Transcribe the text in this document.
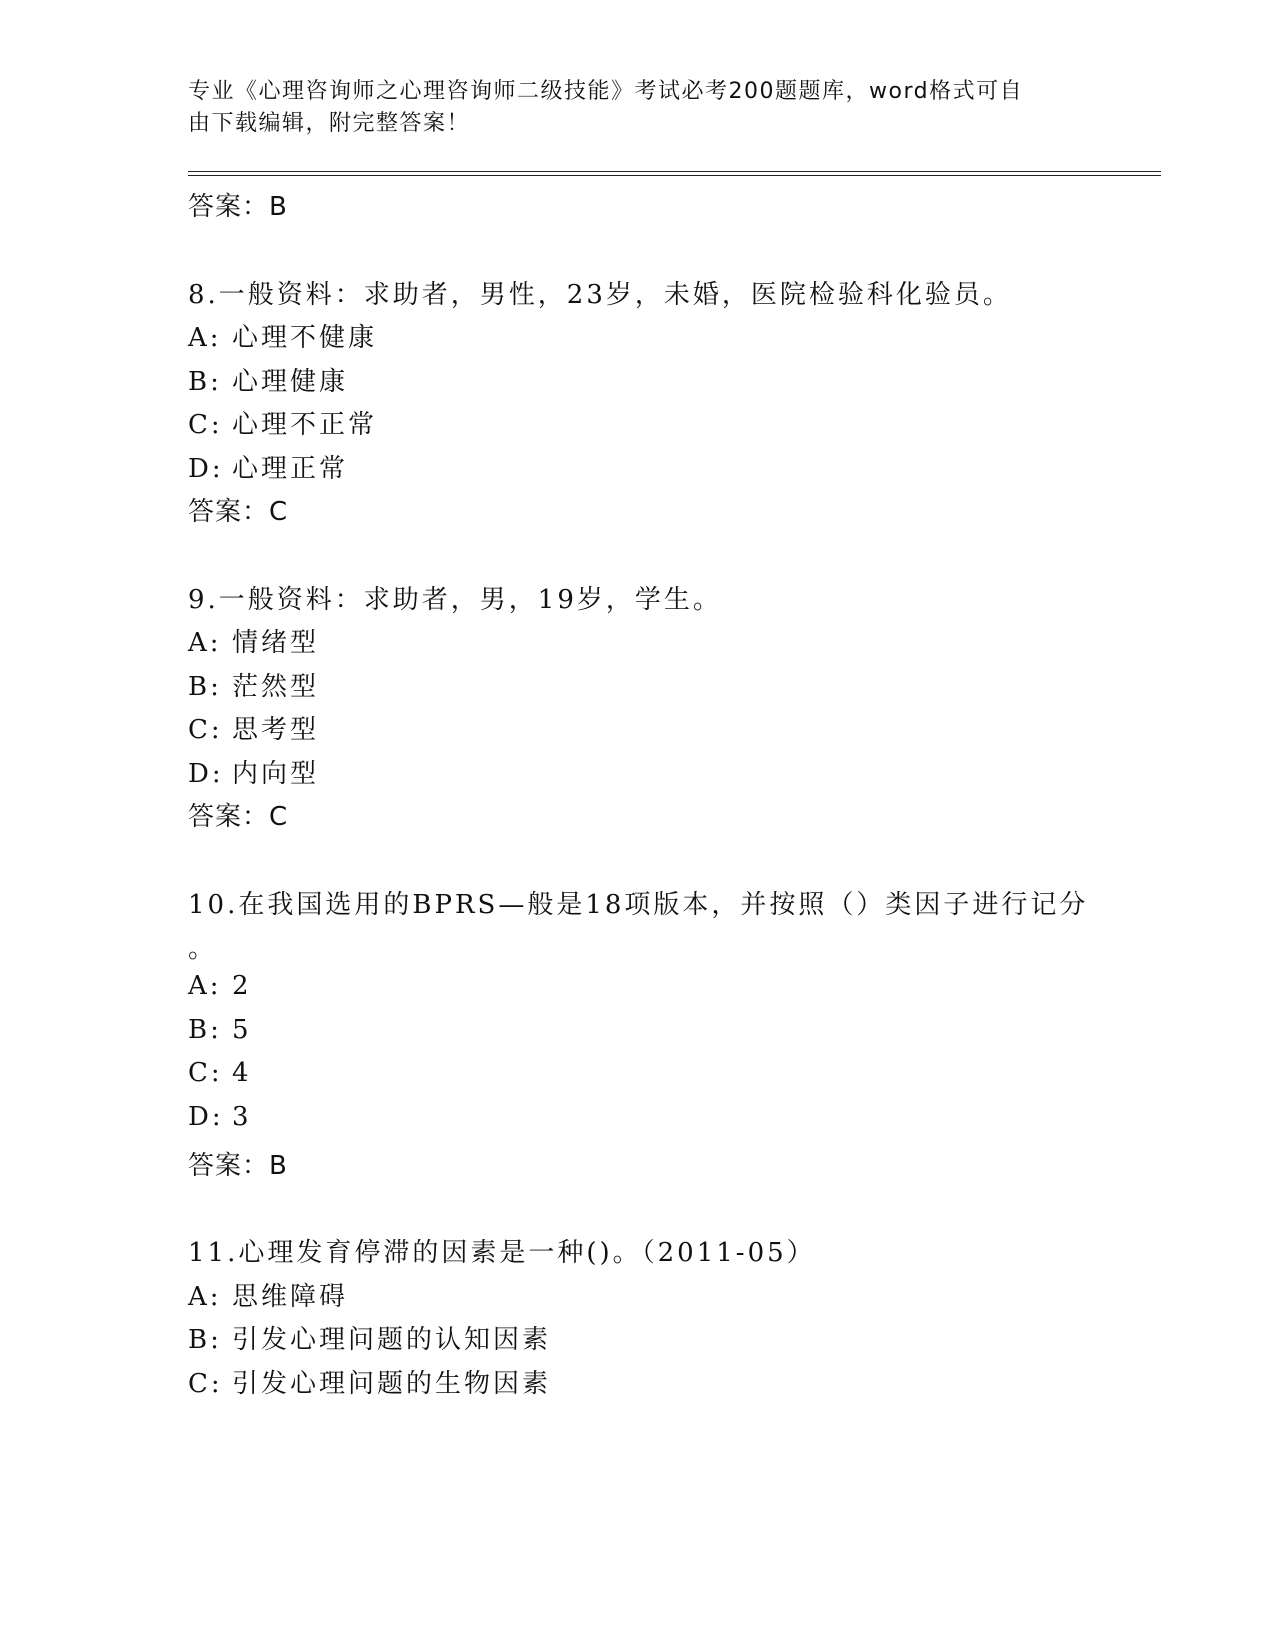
专业《心理咨询师之心理咨询师二级技能》考试必考200题题库，word格式可自
由下载编辑，附完整答案！
答案：B
8.一般资料：求助者，男性，23岁，未婚，医院检验科化验员。
A: 心理不健康
B: 心理健康
C: 心理不正常
D: 心理正常
答案：C
9.一般资料：求助者，男，19岁，学生。
A: 情绪型
B: 茫然型
C: 思考型
D: 内向型
答案：C
10.在我国选用的BPRS—般是18项版本，并按照（）类因子进行记分
。
A: 2
B: 5
C: 4
D: 3
答案：B
11.心理发育停滞的因素是一种()。（2011-05）
A: 思维障碍
B: 引发心理问题的认知因素
C: 引发心理问题的生物因素
